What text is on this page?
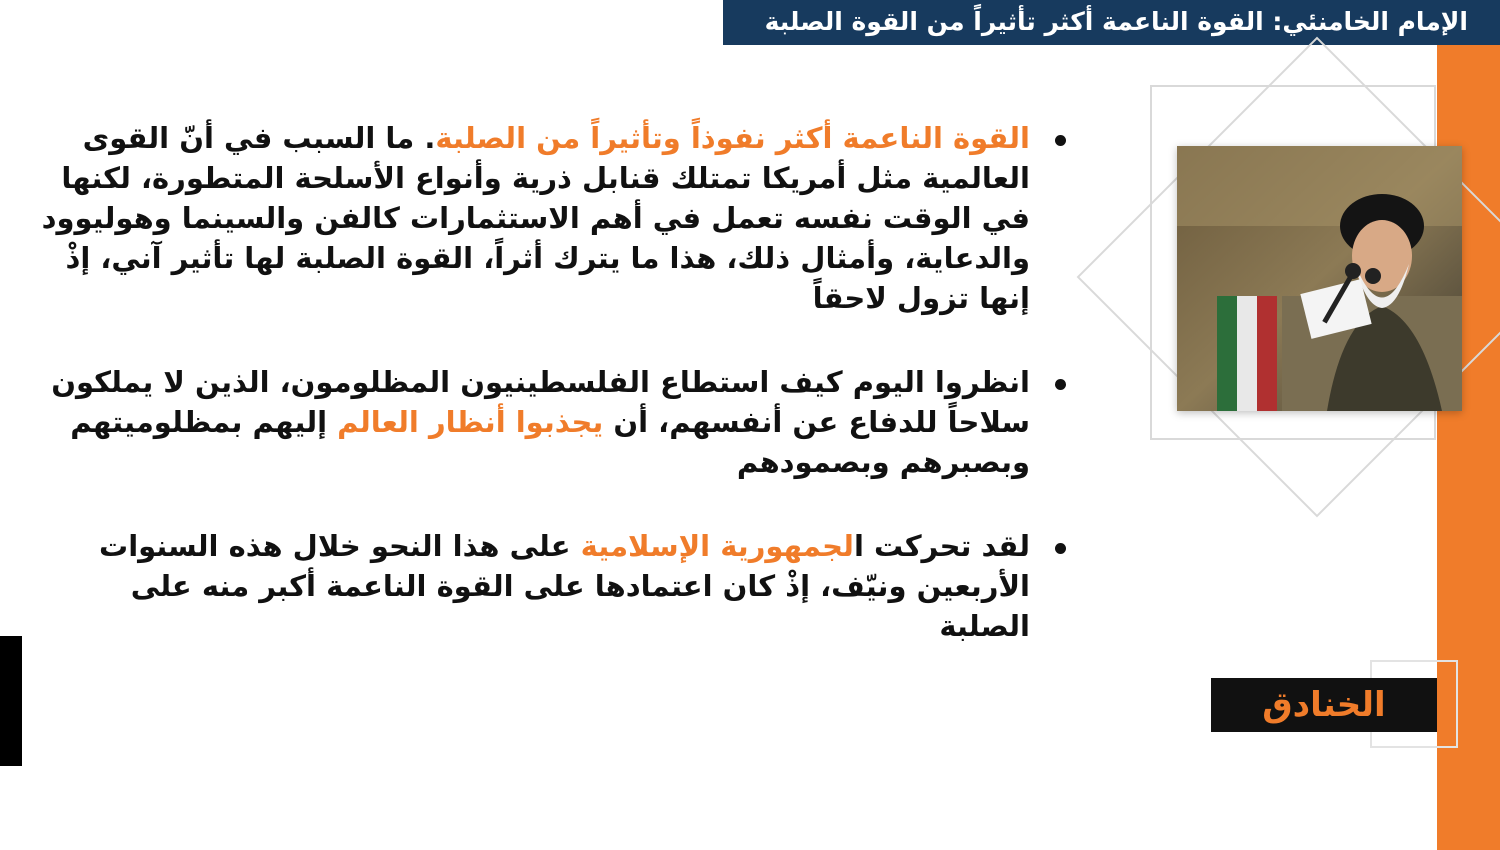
الإمام الخامنئي: القوة الناعمة أكثر تأثيراً من القوة الصلبة

القوة الناعمة أكثر نفوذاً وتأثيراً من الصلبة. ما السبب في أنّ القوى العالمية مثل أمريكا تمتلك قنابل ذرية وأنواع الأسلحة المتطورة، لكنها في الوقت نفسه تعمل في أهم الاستثمارات كالفن والسينما وهوليوود والدعاية، وأمثال ذلك، هذا ما يترك أثراً، القوة الصلبة لها تأثير آني، إذْ إنها تزول لاحقاً

انظروا اليوم كيف استطاع الفلسطينيون المظلومون، الذين لا يملكون سلاحاً للدفاع عن أنفسهم، أن يجذبوا أنظار العالم إليهم بمظلوميتهم وبصبرهم وبصمودهم

لقد تحركت الجمهورية الإسلامية على هذا النحو خلال هذه السنوات الأربعين ونيّف، إذْ كان اعتمادها على القوة الناعمة أكبر منه على الصلبة

الخنادق
